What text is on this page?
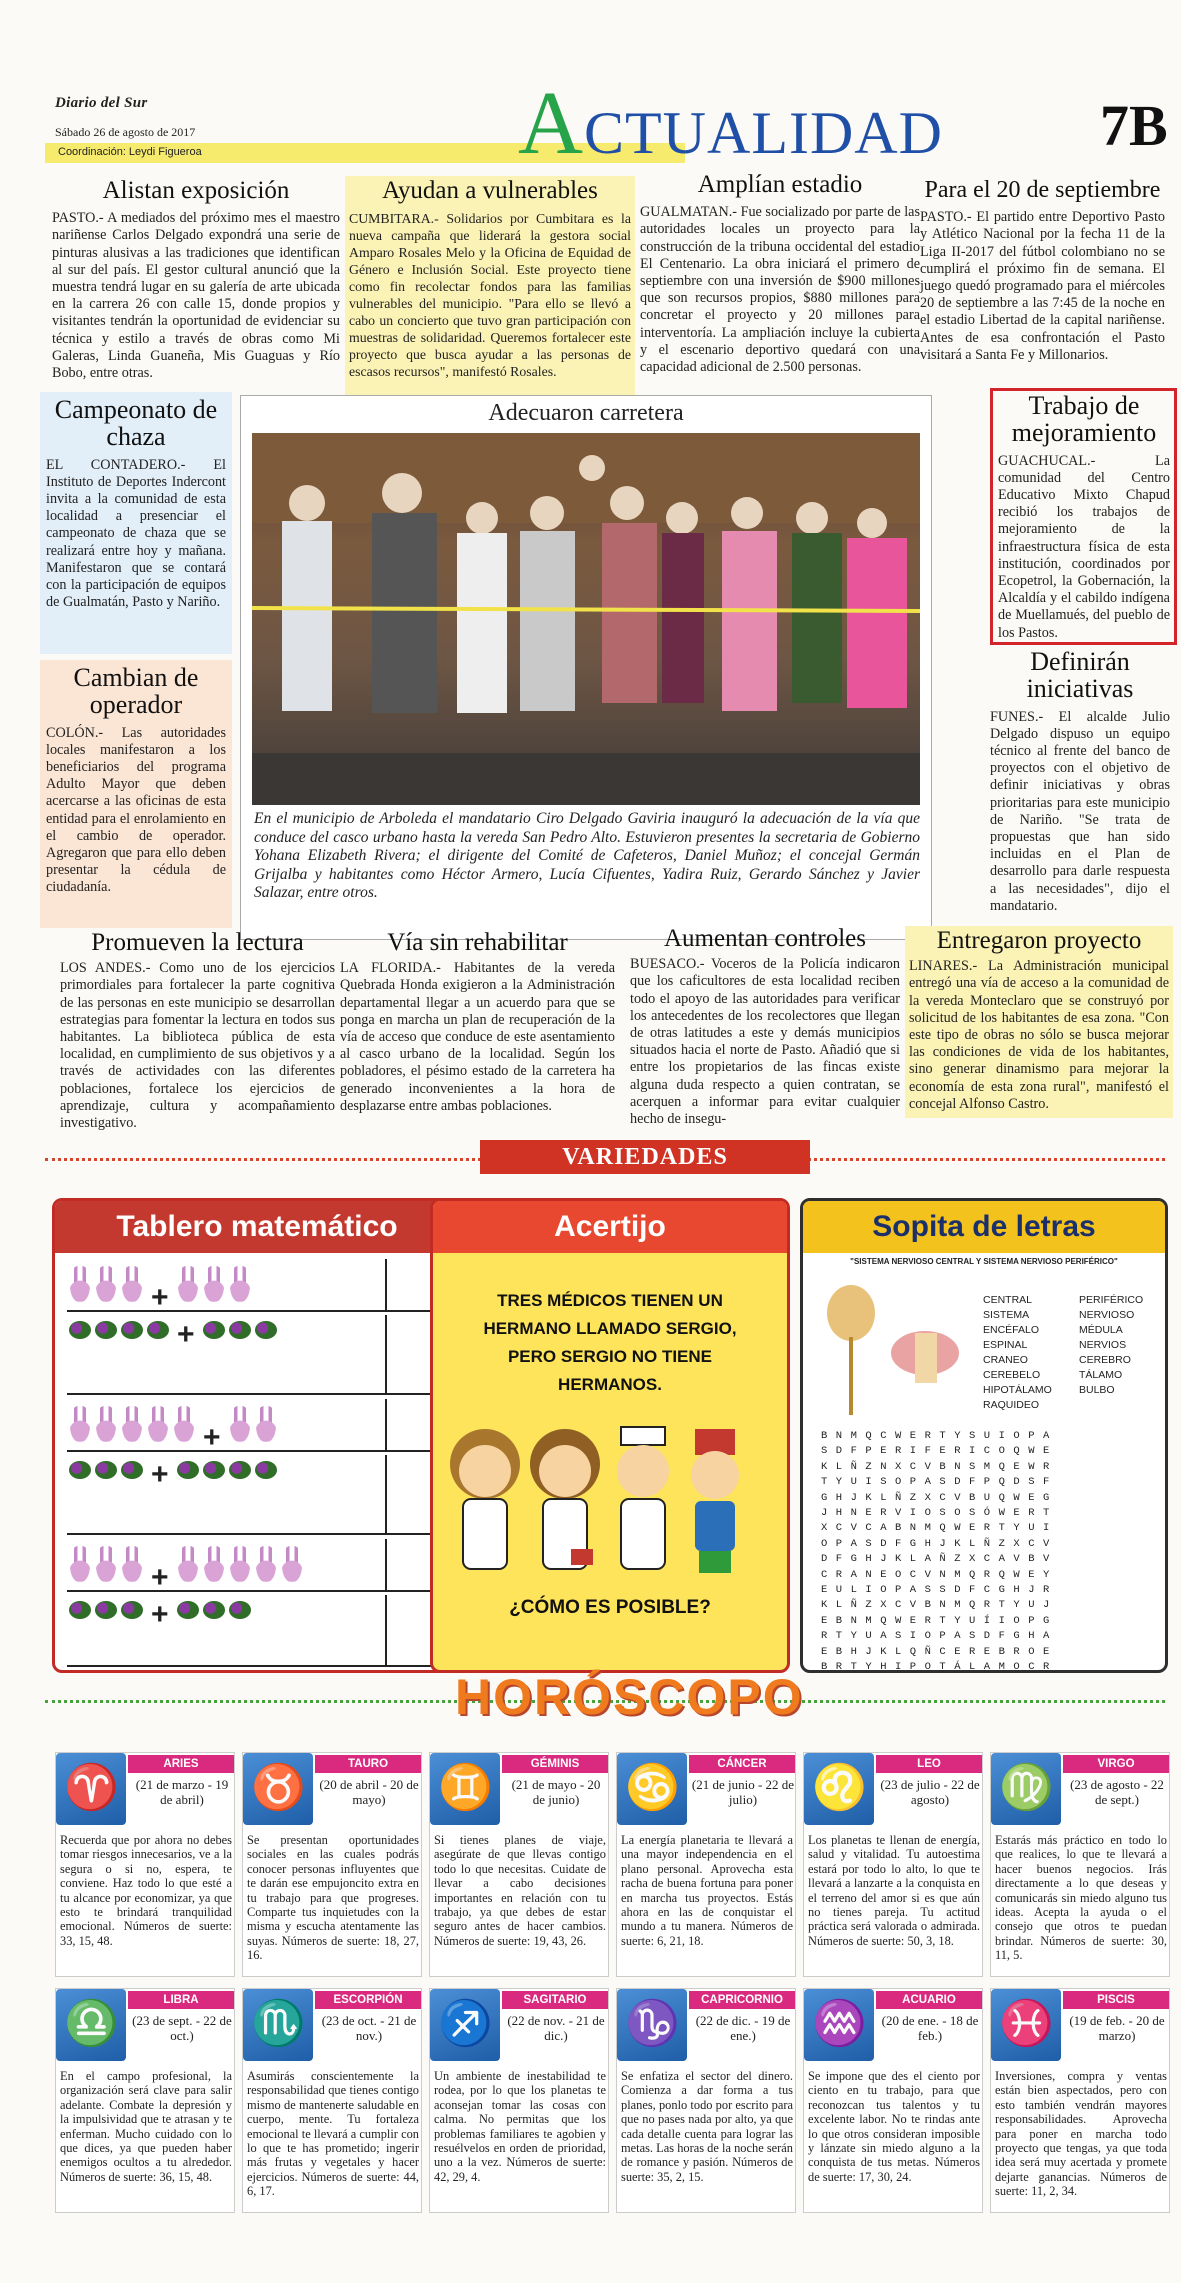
Diario del Sur
Sábado 26 de agosto de 2017
Coordinación: Leydi Figueroa	ACTUALIDAD	7B
Alistan exposición

PASTO.- A mediados del próximo mes el maestro nariñense Carlos Delgado expondrá una serie de pinturas alusivas a las tradiciones que identifican al sur del país. El gestor cultural anunció que la muestra tendrá lugar en su galería de arte ubicada en la carrera 26 con calle 15, donde propios y visitantes tendrán la oportunidad de evidenciar su técnica y estilo a través de obras como Mi Galeras, Linda Guaneña, Mis Guaguas y Río Bobo, entre otras.

Ayudan a vulnerables

CUMBITARA.- Solidarios por Cumbitara es la nueva campaña que liderará la gestora social Amparo Rosales Melo y la Oficina de Equidad de Género e Inclusión Social. Este proyecto tiene como fin recolectar fondos para las familias vulnerables del municipio. "Para ello se llevó a cabo un concierto que tuvo gran participación con muestras de solidaridad. Queremos fortalecer este proyecto que busca ayudar a las personas de escasos recursos", manifestó Rosales.

Amplían estadio

GUALMATAN.- Fue socializado por parte de las autoridades locales un proyecto para la construcción de la tribuna occidental del estadio El Centenario. La obra iniciará el primero de septiembre con una inversión de $900 millones que son recursos propios, $880 millones para concretar el proyecto y 20 millones para interventoría. La ampliación incluye la cubierta y el escenario deportivo quedará con una capacidad adicional de 2.500 personas.

Para el 20 de septiembre

PASTO.- El partido entre Deportivo Pasto y Atlético Nacional por la fecha 11 de la Liga II-2017 del fútbol colombiano no se cumplirá el próximo fin de semana. El juego quedó programado para el miércoles 20 de septiembre a las 7:45 de la noche en el estadio Libertad de la capital nariñense. Antes de esa confrontación el Pasto visitará a Santa Fe y Millonarios.

Campeonato de chaza

EL CONTADERO.- El Instituto de Deportes Indercont invita a la comunidad de esta localidad a presenciar el campeonato de chaza que se realizará entre hoy y mañana. Manifestaron que se contará con la participación de equipos de Gualmatán, Pasto y Nariño.

Cambian de operador

COLÓN.- Las autoridades locales manifestaron a los beneficiarios del programa Adulto Mayor que deben acercarse a las oficinas de esta entidad para el enrolamiento en el cambio de operador. Agregaron que para ello deben presentar la cédula de ciudadanía.

Adecuaron carretera
En el municipio de Arboleda el mandatario Ciro Delgado Gaviria inauguró la adecuación de la vía que conduce del casco urbano hasta la vereda San Pedro Alto. Estuvieron presentes la secretaria de Gobierno Yohana Elizabeth Rivera; el dirigente del Comité de Cafeteros, Daniel Muñoz; el concejal Germán Grijalba y habitantes como Héctor Armero, Lucía Cifuentes, Yadira Ruiz, Gerardo Sánchez y Javier Salazar, entre otros.
Trabajo de mejoramiento

GUACHUCAL.- La comunidad del Centro Educativo Mixto Chapud recibió los trabajos de mejoramiento de la infraestructura física de esta institución, coordinados por Ecopetrol, la Gobernación, la Alcaldía y el cabildo indígena de Muellamués, del pueblo de los Pastos.

Definirán iniciativas

FUNES.- El alcalde Julio Delgado dispuso un equipo técnico al frente del banco de proyectos con el objetivo de definir iniciativas y obras prioritarias para este municipio de Nariño. "Se trata de propuestas que han sido incluidas en el Plan de desarrollo para darle respuesta a las necesidades", dijo el mandatario.

Promueven la lectura

LOS ANDES.- Como uno de los ejercicios primordiales para fortalecer la parte cognitiva de las personas en este municipio se desarrollan estrategias para fomentar la lectura en todos sus habitantes. La biblioteca pública de esta localidad, en cumplimiento de sus objetivos y a través de actividades con las diferentes poblaciones, fortalece los ejercicios de aprendizaje, cultura y acompañamiento investigativo.

Vía sin rehabilitar

LA FLORIDA.- Habitantes de la vereda Quebrada Honda exigieron a la Administración departamental llegar a un acuerdo para que se ponga en marcha un plan de recuperación de la vía de acceso que conduce de este asentamiento al casco urbano de la localidad. Según los pobladores, el pésimo estado de la carretera ha generado inconvenientes a la hora de desplazarse entre ambas poblaciones.

Aumentan controles

BUESACO.- Voceros de la Policía indicaron que los caficultores de esta localidad reciben todo el apoyo de las autoridades para verificar los antecedentes de los recolectores que llegan de otras latitudes a este y demás municipios situados hacia el norte de Pasto. Añadió que si entre los propietarios de las fincas existe alguna duda respecto a quien contratan, se acerquen a informar para evitar cualquier hecho de insegu-

Entregaron proyecto

LINARES.- La Administración municipal entregó una vía de acceso a la comunidad de la vereda Monteclaro que se construyó por solicitud de los habitantes de esa zona. "Con este tipo de obras no sólo se busca mejorar las condiciones de vida de los habitantes, sino generar dinamismo para mejorar la economía de esta zona rural", manifestó el concejal Alfonso Castro.

VARIEDADES
Tablero matemático
+
+
+
+
+
+
Acertijo
TRES MÉDICOS TIENEN UN HERMANO LLAMADO SERGIO, PERO SERGIO NO TIENE HERMANOS.
¿CÓMO ES POSIBLE?
Sopita de letras
"SISTEMA NERVIOSO CENTRAL Y SISTEMA NERVIOSO PERIFÉRICO"
CENTRAL
SISTEMA
ENCÉFALO
ESPINAL
CRANEO
CEREBELO
HIPOTÁLAMO
RAQUIDEO
PERIFÉRICO
NERVIOSO
MÉDULA
NERVIOS
CEREBRO
TÁLAMO
BULBO
BNMQCWERTYSUIOPA
SDFPERIFERICOQWE
KLÑZNXCVBNSMQEWR
TYUISOPASDFPQDSF
GHJKLÑZXCVBUQWEG
JHNERVIOSOSÓWERT
XCVCABNMQWERTYUI
OPASDFGHJKLÑZXCV
DFGHJKLAÑZXCAVBV
CRANEOCVNMQRQWEY
EULIOPASSDFCGHJR
KLÑZXCVBNMQRTYUJ
EBNMQWERTYUÍIOPG
RTYUASIOPASDFGHA
EBHJKLQÑCEREBROE
BRTYHIPOTÁLAMOCR
HORÓSCOPO
♈	ARIES
(21 de marzo - 19 de abril)
Recuerda que por ahora no debes tomar riesgos innecesarios, ve a la segura o si no, espera, te conviene. Haz todo lo que esté a tu alcance por economizar, ya que esto te brindará tranquilidad emocional. Números de suerte: 33, 15, 48.
♉	TAURO
(20 de abril - 20 de mayo)
Se presentan oportunidades sociales en las cuales podrás conocer personas influyentes que te darán ese empujoncito extra en tu trabajo para que progreses. Comparte tus inquietudes con la misma y escucha atentamente las suyas. Números de suerte: 18, 27, 16.
♊	GÉMINIS
(21 de mayo - 20 de junio)
Si tienes planes de viaje, asegúrate de que llevas contigo todo lo que necesitas. Cuidate de llevar a cabo decisiones importantes en relación con tu trabajo, ya que debes de estar seguro antes de hacer cambios. Números de suerte: 19, 43, 26.
♋	CÁNCER
(21 de junio - 22 de julio)
La energía planetaria te llevará a una mayor independencia en el plano personal. Aprovecha esta racha de buena fortuna para poner en marcha tus proyectos. Estás ahora en las de conquistar el mundo a tu manera. Números de suerte: 6, 21, 18.
♌	LEO
(23 de julio - 22 de agosto)
Los planetas te llenan de energía, salud y vitalidad. Tu autoestima estará por todo lo alto, lo que te llevará a lanzarte a la conquista en el terreno del amor si es que aún no tienes pareja. Tu actitud práctica será valorada o admirada. Números de suerte: 50, 3, 18.
♍	VIRGO
(23 de agosto - 22 de sept.)
Estarás más práctico en todo lo que realices, lo que te llevará a hacer buenos negocios. Irás directamente a lo que deseas y comunicarás sin miedo alguno tus ideas. Acepta la ayuda o el consejo que otros te puedan brindar. Números de suerte: 30, 11, 5.
♎	LIBRA
(23 de sept. - 22 de oct.)
En el campo profesional, la organización será clave para salir adelante. Combate la depresión y la impulsividad que te atrasan y te enferman. Mucho cuidado con lo que dices, ya que pueden haber enemigos ocultos a tu alrededor. Números de suerte: 36, 15, 48.
♏	ESCORPIÓN
(23 de oct. - 21 de nov.)
Asumirás conscientemente la responsabilidad que tienes contigo mismo de mantenerte saludable en cuerpo, mente. Tu fortaleza emocional te llevará a cumplir con lo que te has prometido; ingerir más frutas y vegetales y hacer ejercicios. Números de suerte: 44, 6, 17.
♐	SAGITARIO
(22 de nov. - 21 de dic.)
Un ambiente de inestabilidad te rodea, por lo que los planetas te aconsejan tomar las cosas con calma. No permitas que los problemas familiares te agobien y resuélvelos en orden de prioridad, uno a la vez. Números de suerte: 42, 29, 4.
♑	CAPRICORNIO
(22 de dic. - 19 de ene.)
Se enfatiza el sector del dinero. Comienza a dar forma a tus planes, ponlo todo por escrito para que no pases nada por alto, ya que cada detalle cuenta para lograr las metas. Las horas de la noche serán de romance y pasión. Números de suerte: 35, 2, 15.
♒	ACUARIO
(20 de ene. - 18 de feb.)
Se impone que des el ciento por ciento en tu trabajo, para que reconozcan tus talentos y tu excelente labor. No te rindas ante lo que otros consideran imposible y lánzate sin miedo alguno a la conquista de tus metas. Números de suerte: 17, 30, 24.
♓	PISCIS
(19 de feb. - 20 de marzo)
Inversiones, compra y ventas están bien aspectados, pero con esto también vendrán mayores responsabilidades. Aprovecha para poner en marcha todo proyecto que tengas, ya que toda idea será muy acertada y promete dejarte ganancias. Números de suerte: 11, 2, 34.
